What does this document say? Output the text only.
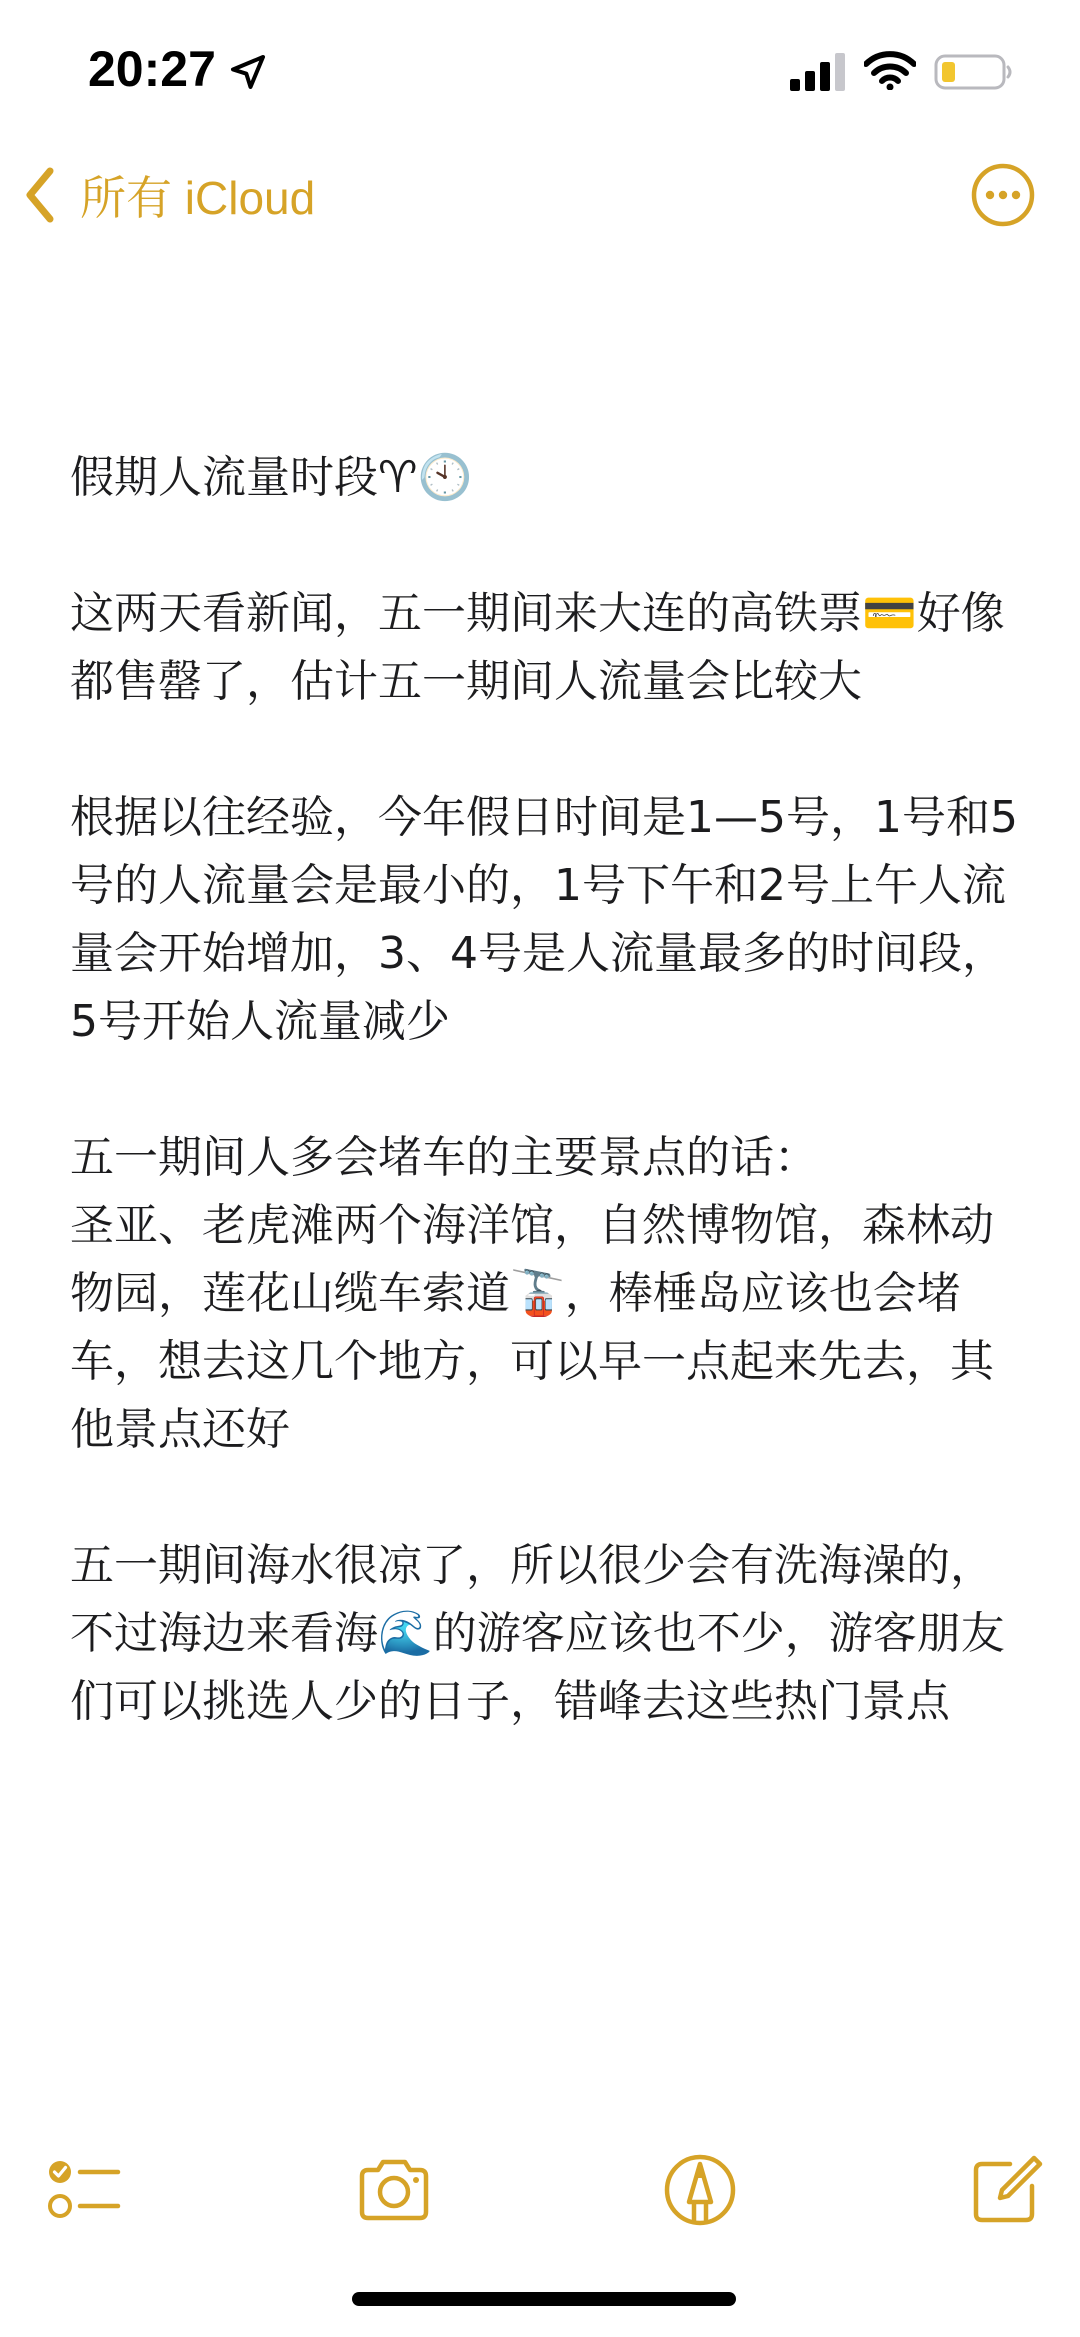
20:27
所有 iCloud

假期人流量时段♈🕙

这两天看新闻，五一期间来大连的高铁票💳好像都售罄了，估计五一期间人流量会比较大

根据以往经验，今年假日时间是1—5号，1号和5号的人流量会是最小的，1号下午和2号上午人流量会开始增加，3、4号是人流量最多的时间段，5号开始人流量减少

五一期间人多会堵车的主要景点的话：
圣亚、老虎滩两个海洋馆，自然博物馆，森林动物园，莲花山缆车索道🚡，棒棰岛应该也会堵车，想去这几个地方，可以早一点起来先去，其他景点还好

五一期间海水很凉了，所以很少会有洗海澡的，不过海边来看海🌊的游客应该也不少，游客朋友们可以挑选人少的日子，错峰去这些热门景点
